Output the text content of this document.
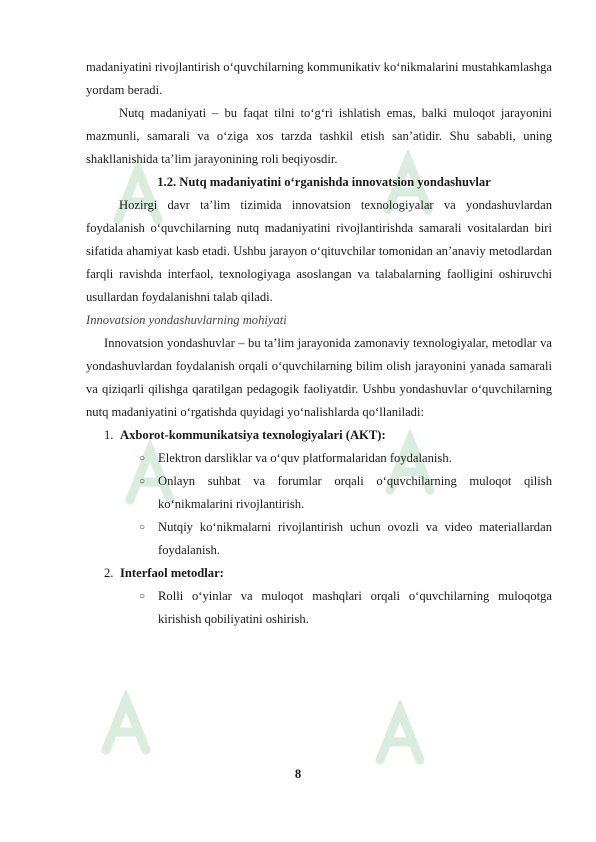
madaniyatini rivojlantirish o‘quvchilarning kommunikativ ko‘nikmalarini mustahkamlashga yordam beradi.

Nutq madaniyati – bu faqat tilni to‘g‘ri ishlatish emas, balki muloqot jarayonini mazmunli, samarali va o‘ziga xos tarzda tashkil etish san’atidir. Shu sababli, uning shakllanishida ta’lim jarayonining roli beqiyosdir.

1.2. Nutq madaniyatini o‘rganishda innovatsion yondashuvlar

Hozirgi davr ta’lim tizimida innovatsion texnologiyalar va yondashuvlardan foydalanish o‘quvchilarning nutq madaniyatini rivojlantirishda samarali vositalardan biri sifatida ahamiyat kasb etadi. Ushbu jarayon o‘qituvchilar tomonidan an’anaviy metodlardan farqli ravishda interfaol, texnologiyaga asoslangan va talabalarning faolligini oshiruvchi usullardan foydalanishni talab qiladi.

Innovatsion yondashuvlarning mohiyati

Innovatsion yondashuvlar – bu ta’lim jarayonida zamonaviy texnologiyalar, metodlar va yondashuvlardan foydalanish orqali o‘quvchilarning bilim olish jarayonini yanada samarali va qiziqarli qilishga qaratilgan pedagogik faoliyatdir. Ushbu yondashuvlar o‘quvchilarning nutq madaniyatini o‘rgatishda quyidagi yo‘nalishlarda qo‘llaniladi:

1. Axborot-kommunikatsiya texnologiyalari (AKT):

○ Elektron darsliklar va o‘quv platformalaridan foydalanish.

○ Onlayn suhbat va forumlar orqali o‘quvchilarning muloqot qilish ko‘nikmalarini rivojlantirish.

○ Nutqiy ko‘nikmalarni rivojlantirish uchun ovozli va video materiallardan foydalanish.

2. Interfaol metodlar:

○ Rolli o‘yinlar va muloqot mashqlari orqali o‘quvchilarning muloqotga kirishish qobiliyatini oshirish.

8
